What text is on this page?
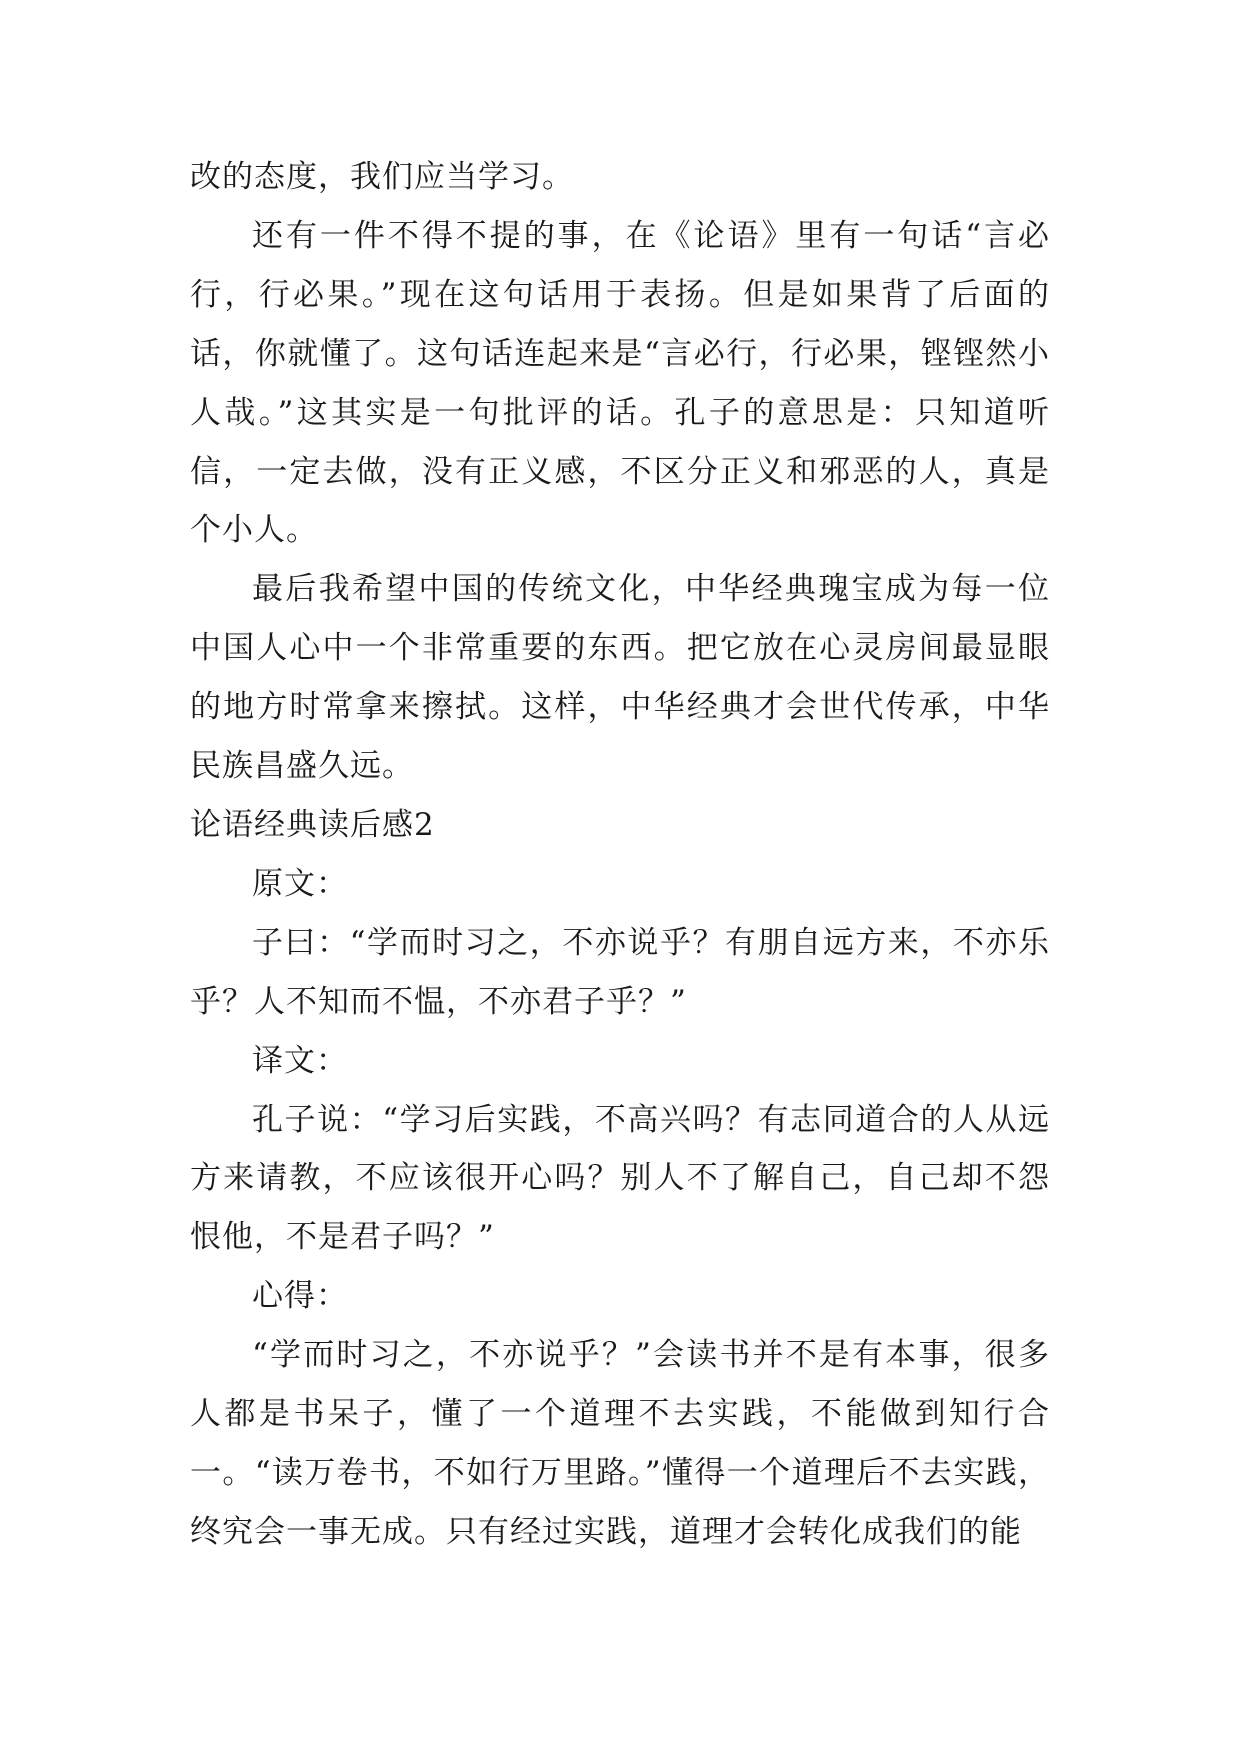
改的态度，我们应当学习。

还有一件不得不提的事，在《论语》里有一句话“言必行，行必果。”现在这句话用于表扬。但是如果背了后面的话，你就懂了。这句话连起来是“言必行，行必果，铿铿然小人哉。”这其实是一句批评的话。孔子的意思是：只知道听信，一定去做，没有正义感，不区分正义和邪恶的人，真是个小人。

最后我希望中国的传统文化，中华经典瑰宝成为每一位中国人心中一个非常重要的东西。把它放在心灵房间最显眼的地方时常拿来擦拭。这样，中华经典才会世代传承，中华民族昌盛久远。

论语经典读后感2

原文：

子曰：“学而时习之，不亦说乎？有朋自远方来，不亦乐乎？人不知而不愠，不亦君子乎？”

译文：

孔子说：“学习后实践，不高兴吗？有志同道合的人从远方来请教，不应该很开心吗？别人不了解自己，自己却不怨恨他，不是君子吗？”

心得：

“学而时习之，不亦说乎？”会读书并不是有本事，很多人都是书呆子，懂了一个道理不去实践，不能做到知行合一。“读万卷书，不如行万里路。”懂得一个道理后不去实践，终究会一事无成。只有经过实践，道理才会转化成我们的能
